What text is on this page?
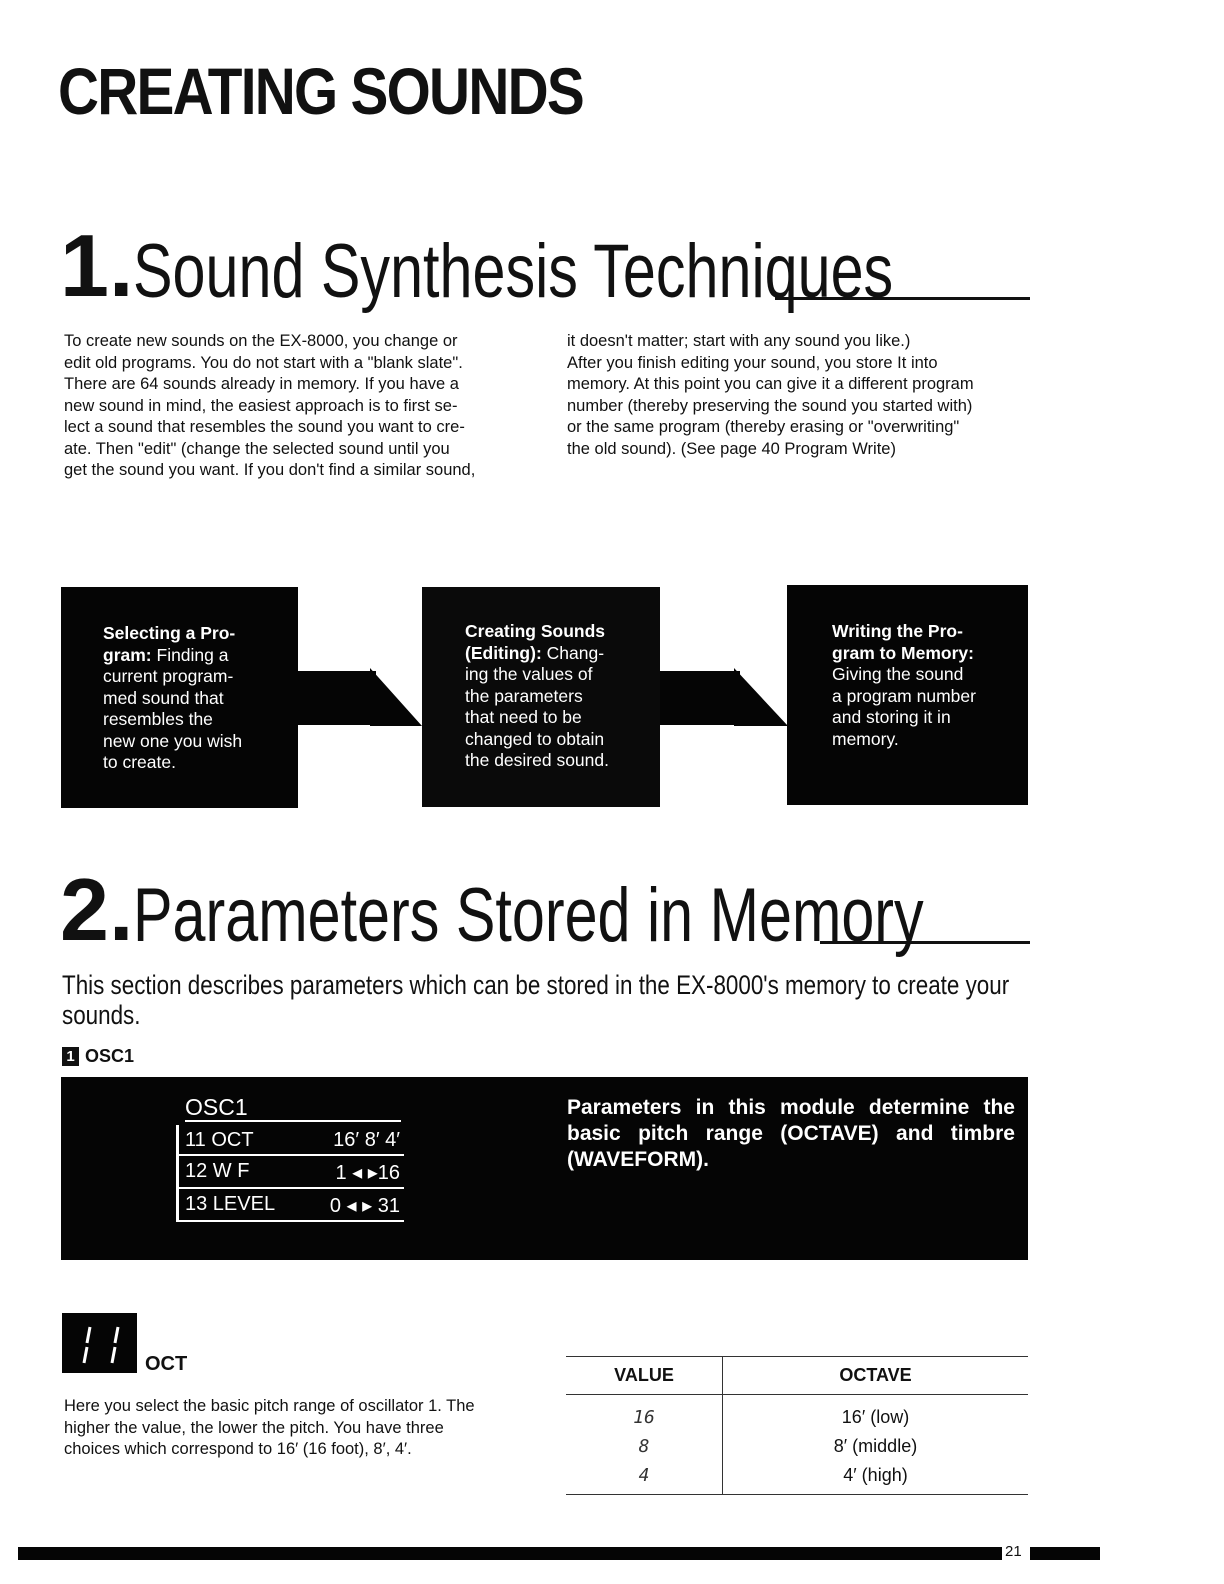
CREATING SOUNDS
1. Sound Synthesis Techniques
To create new sounds on the EX-8000, you change or
edit old programs. You do not start with a "blank slate".
There are 64 sounds already in memory. If you have a
new sound in mind, the easiest approach is to first se-
lect a sound that resembles the sound you want to cre-
ate. Then "edit" (change the selected sound until you
get the sound you want. If you don't find a similar sound,
it doesn't matter; start with any sound you like.)
After you finish editing your sound, you store It into
memory. At this point you can give it a different program
number (thereby preserving the sound you started with)
or the same program (thereby erasing or "overwriting"
the old sound). (See page 40 Program Write)
Selecting a Pro-
gram: Finding a
current program-
med sound that
resembles the
new one you wish
to create.
Creating Sounds
(Editing): Chang-
ing the values of
the parameters
that need to be
changed to obtain
the desired sound.
Writing the Pro-
gram to Memory:
Giving the sound
a program number
and storing it in
memory.
2. Parameters Stored in Memory
This section describes parameters which can be stored in the EX-8000's memory to create your
sounds.
1 OSC1
OSC1
11 OCT	16′ 8′ 4′
12 W F	1 ◂ ▸16
13 LEVEL	0 ◂ ▸ 31
Parameters in this module determine the basic pitch range (OCTAVE) and timbre (WAVEFORM).
OCT
Here you select the basic pitch range of oscillator 1. The
higher the value, the lower the pitch. You have three
choices which correspond to 16′ (16 foot), 8′, 4′.
VALUE	OCTAVE
16	16′ (low)
8	8′ (middle)
4	4′ (high)
21
